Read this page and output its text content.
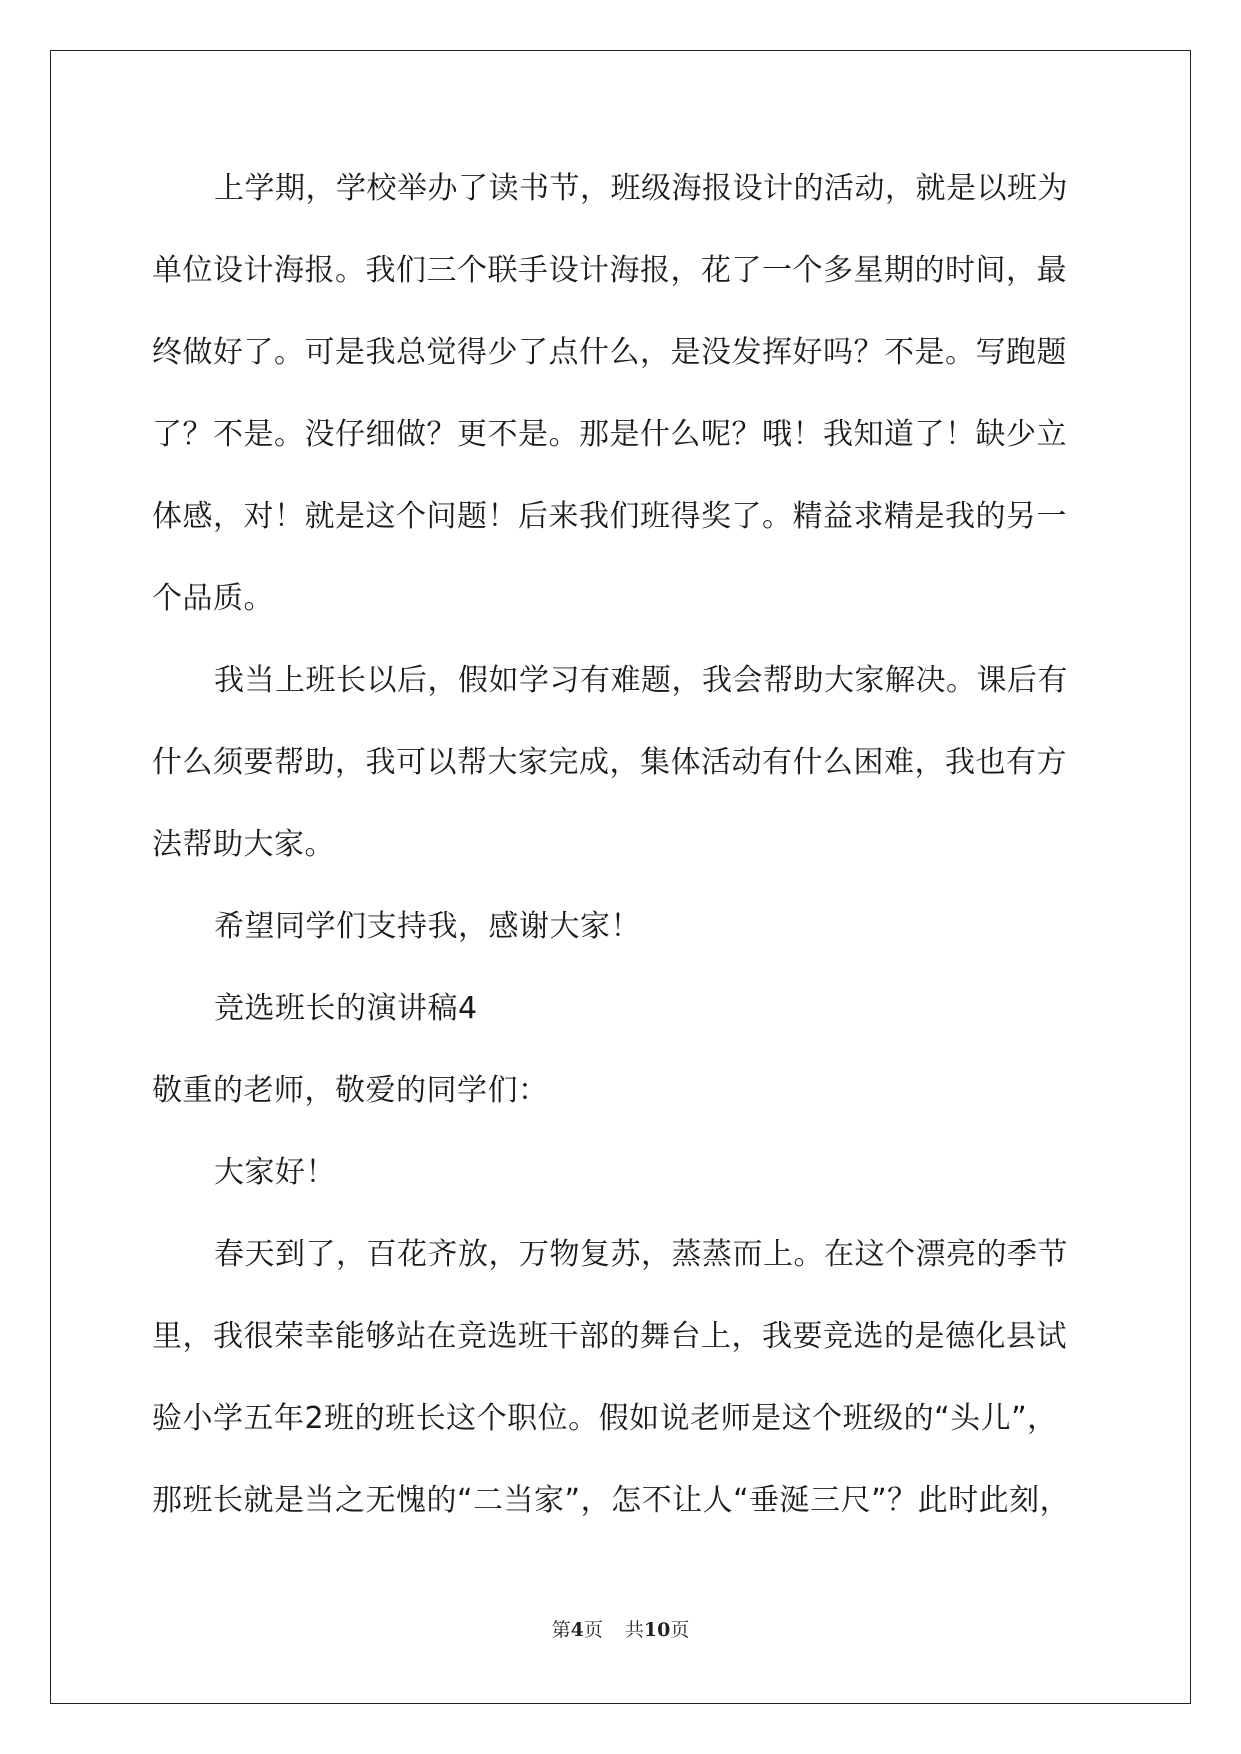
上学期，学校举办了读书节，班级海报设计的活动，就是以班为
单位设计海报。我们三个联手设计海报，花了一个多星期的时间，最
终做好了。可是我总觉得少了点什么，是没发挥好吗？不是。写跑题
了？不是。没仔细做？更不是。那是什么呢？哦！我知道了！缺少立
体感，对！就是这个问题！后来我们班得奖了。精益求精是我的另一
个品质。
我当上班长以后，假如学习有难题，我会帮助大家解决。课后有
什么须要帮助，我可以帮大家完成，集体活动有什么困难，我也有方
法帮助大家。
希望同学们支持我，感谢大家！
竞选班长的演讲稿4
敬重的老师，敬爱的同学们：
大家好！
春天到了，百花齐放，万物复苏，蒸蒸而上。在这个漂亮的季节
里，我很荣幸能够站在竞选班干部的舞台上，我要竞选的是德化县试
验小学五年2班的班长这个职位。假如说老师是这个班级的“头儿”，
那班长就是当之无愧的“二当家”，怎不让人“垂涎三尺”？此时此刻，
第4页 共10页
